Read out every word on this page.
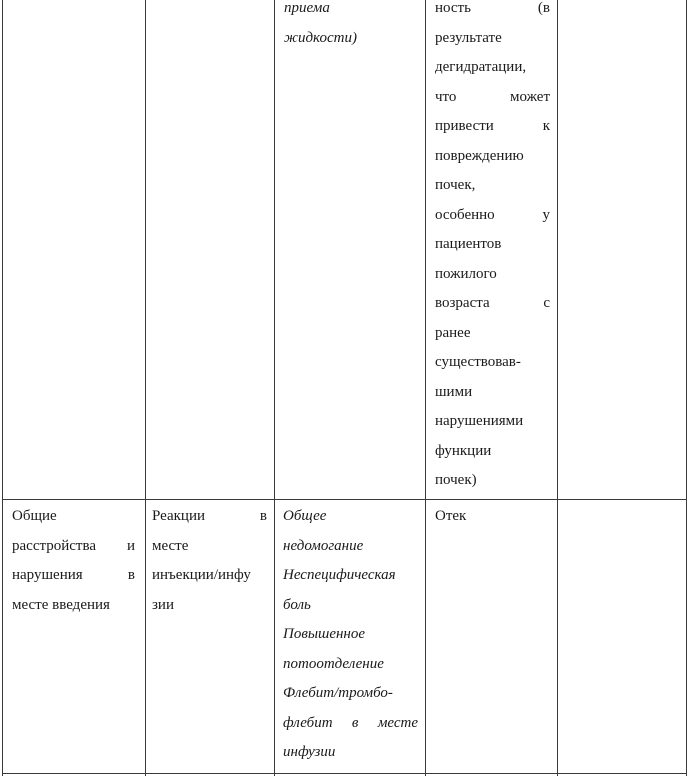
приема
жидкости)
ность (в
результате
дегидратации,
что может
привести к
повреждению
почек,
особенно у
пациентов
пожилого
возраста с
ранее
существовав-
шими
нарушениями
функции
почек)
Общие
расстройства и
нарушения в
месте введения
Реакции в
месте
инъекции/инфу
зии
Общее
недомогание
Неспецифическая
боль
Повышенное
потоотделение
Флебит/тромбо-
флебит в месте
инфузии
Отек
